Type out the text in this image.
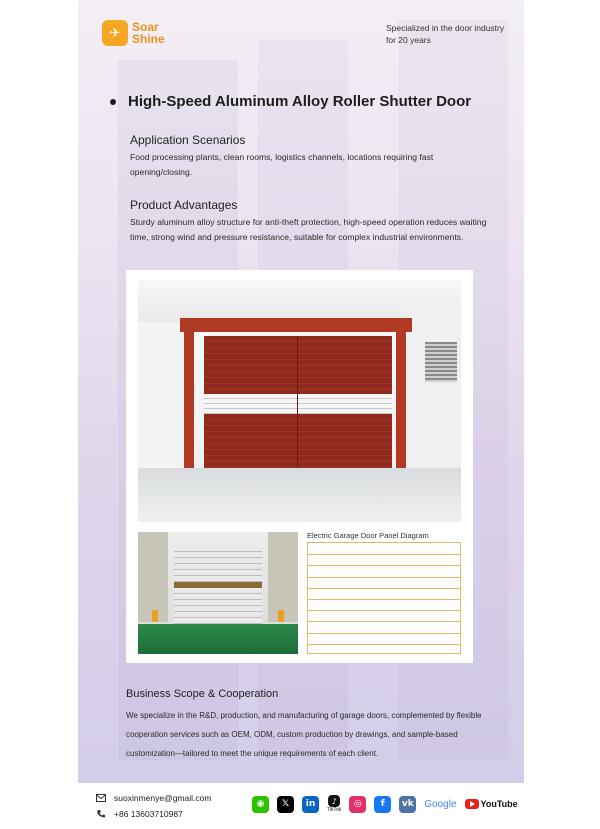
✈ Soar
Shine
Specialized in the door industry
for 20 years
High-Speed Aluminum Alloy Roller Shutter Door
Application Scenarios
Food processing plants, clean rooms, logistics channels, locations requiring fast opening/closing.
Product Advantages
Sturdy aluminum alloy structure for anti-theft protection, high-speed operation reduces waiting time, strong wind and pressure resistance, suitable for complex industrial environments.
Electric Garage Door Panel Diagram
Business Scope & Cooperation
We specialize in the R&D, production, and manufacturing of garage doors, complemented by flexible cooperation services such as OEM, ODM, custom production by drawings, and sample-based customization—tailored to meet the unique requirements of each client.
suoxinmenye@gmail.com
+86 13603710987
◉	𝕏	in	♪
TikTok
◎	f	vk Google	YouTube
